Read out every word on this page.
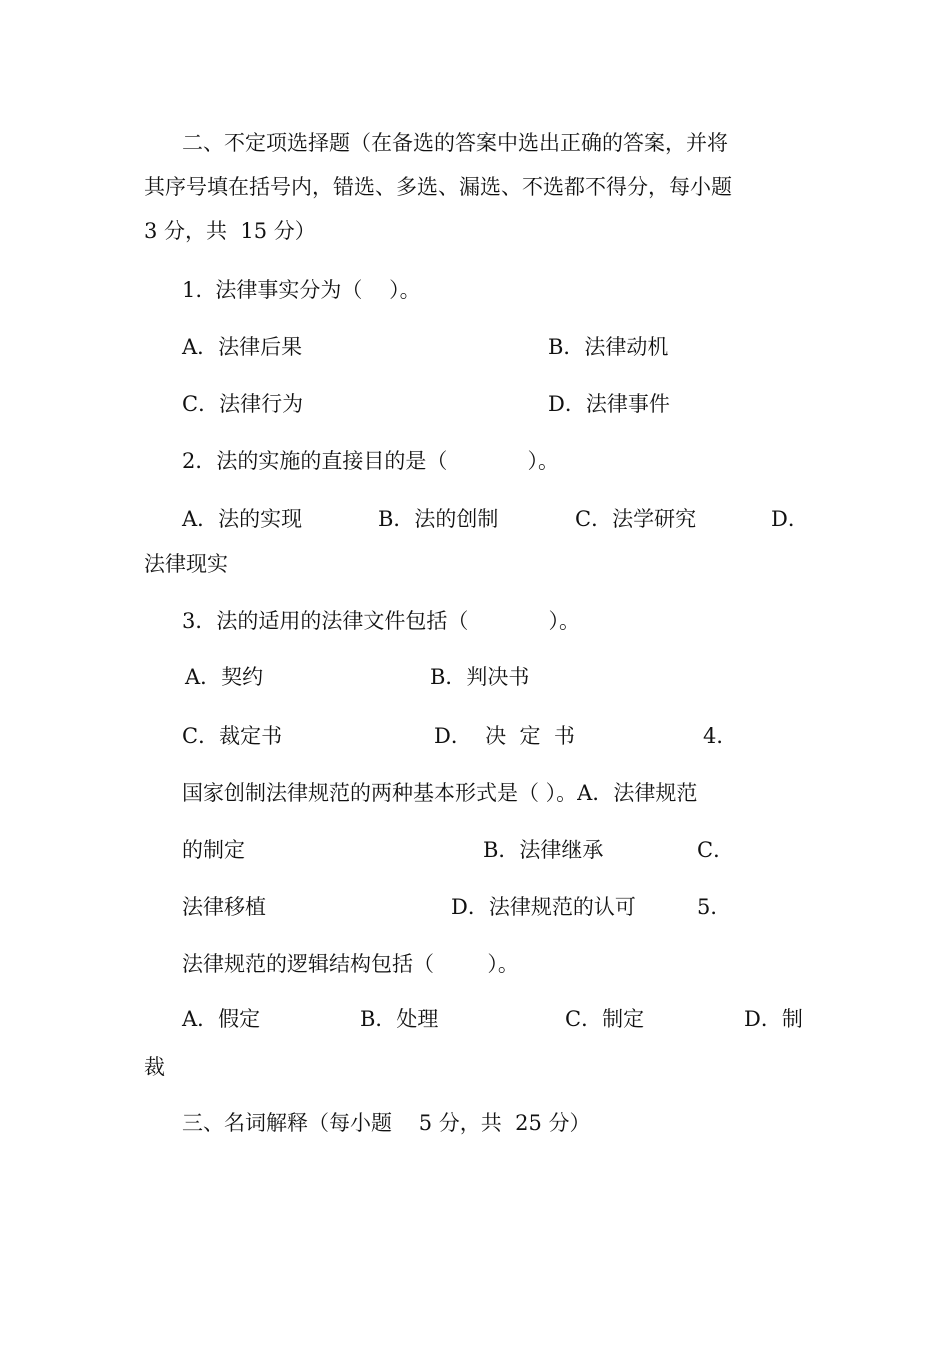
二、不定项选择题（在备选的答案中选出正确的答案，并将
其序号填在括号内，错选、多选、漏选、不选都不得分，每小题
3 分，共  15 分）
1.  法律事实分为（    ）。
A．法律后果	B．法律动机
C．法律行为	D．法律事件
2．法的实施的直接目的是（            ）。
A．法的实现	B．法的创制	C．法学研究	D．
法律现实
3．法的适用的法律文件包括（            ）。
A．契约	B．判决书
C．裁定书	D．  决  定  书	4．
国家创制法律规范的两种基本形式是（ ）。A．法律规范
的制定	B．法律继承	C．
法律移植	D．法律规范的认可	5．
法律规范的逻辑结构包括（        ）。
A．假定	B．处理	C．制定	D．制
裁
三、名词解释（每小题    5 分，共  25 分）
